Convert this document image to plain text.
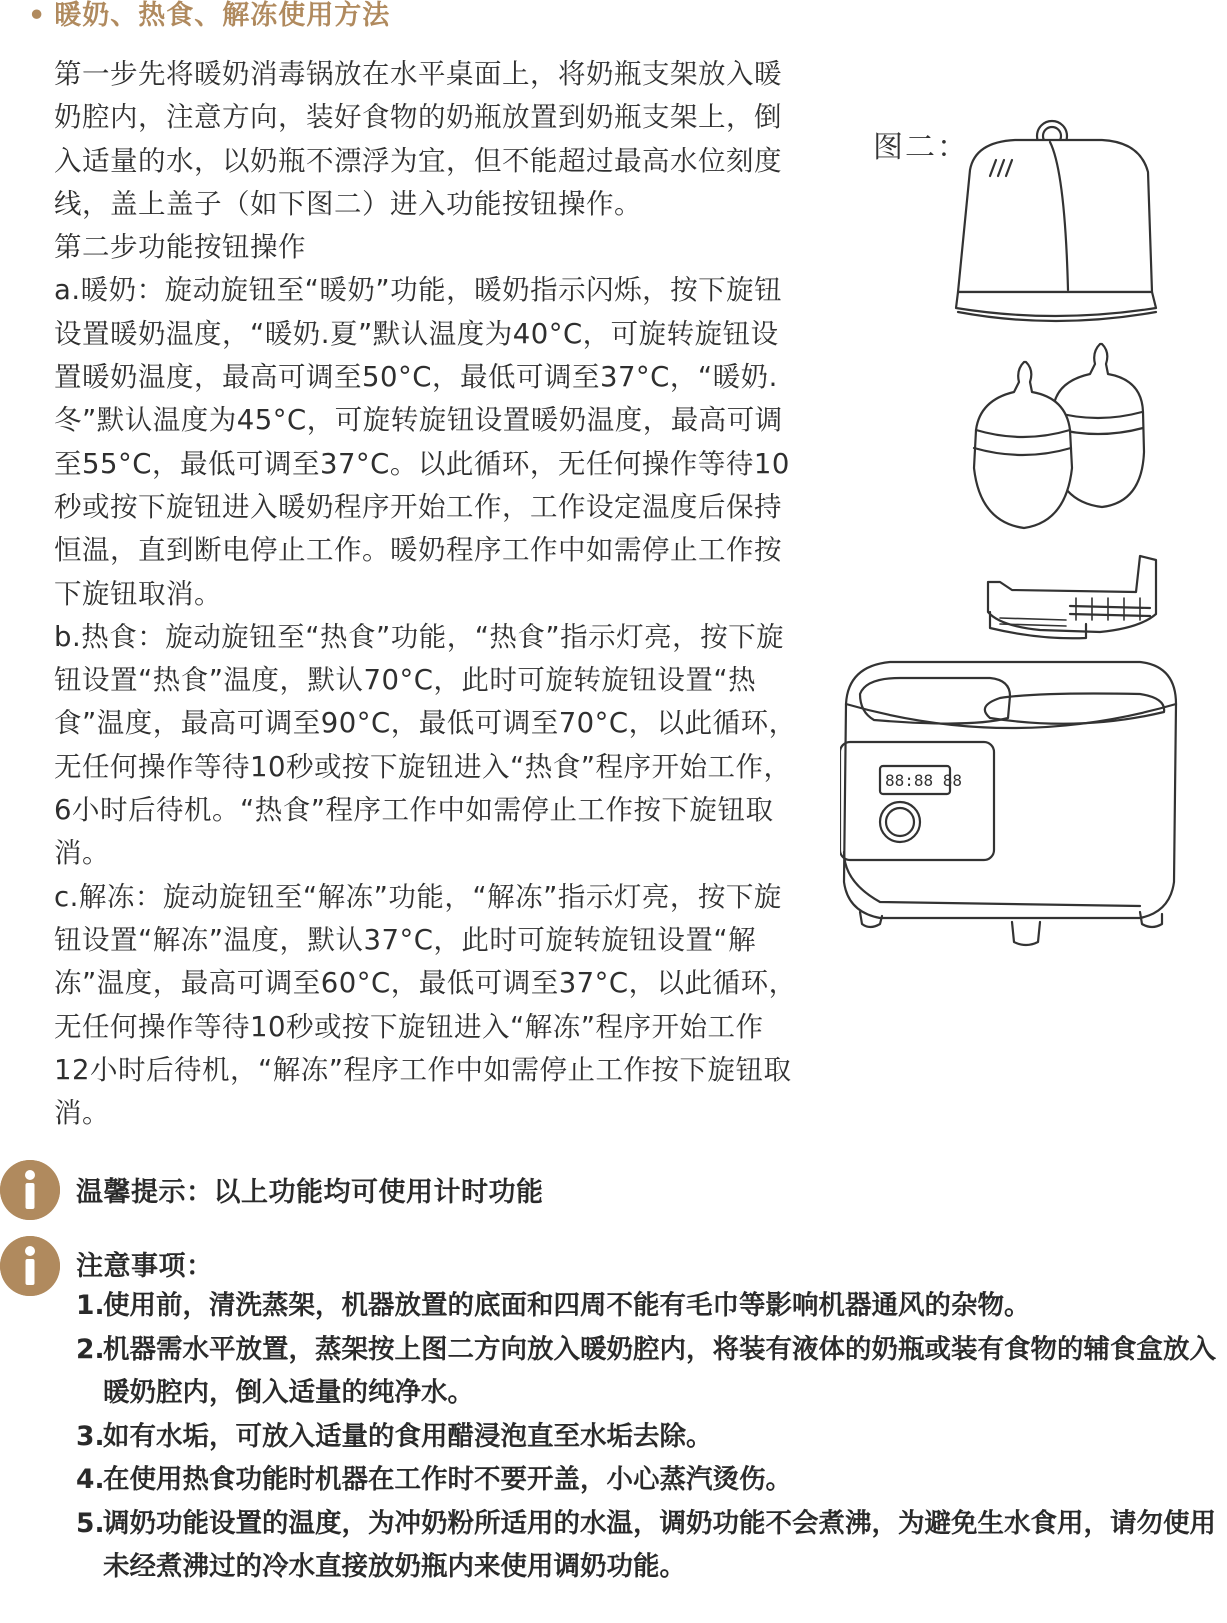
• 暖奶、热食、解冻使用方法

第一步先将暖奶消毒锅放在水平桌面上，将奶瓶支架放入暖奶腔内，注意方向，装好食物的奶瓶放置到奶瓶支架上，倒入适量的水，以奶瓶不漂浮为宜，但不能超过最高水位刻度线，盖上盖子（如下图二）进入功能按钮操作。

第二步功能按钮操作

a.暖奶：旋动旋钮至“暖奶”功能，暖奶指示闪烁，按下旋钮设置暖奶温度，“暖奶.夏”默认温度为40°C，可旋转旋钮设置暖奶温度，最高可调至50°C，最低可调至37°C，“暖奶.冬”默认温度为45°C，可旋转旋钮设置暖奶温度，最高可调至55°C，最低可调至37°C。以此循环，无任何操作等待10秒或按下旋钮进入暖奶程序开始工作，工作设定温度后保持恒温，直到断电停止工作。暖奶程序工作中如需停止工作按下旋钮取消。

b.热食：旋动旋钮至“热食”功能，“热食”指示灯亮，按下旋钮设置“热食”温度，默认70°C，此时可旋转旋钮设置“热食”温度，最高可调至90°C，最低可调至70°C，以此循环，无任何操作等待10秒或按下旋钮进入“热食”程序开始工作，6小时后待机。“热食”程序工作中如需停止工作按下旋钮取消。

c.解冻：旋动旋钮至“解冻”功能，“解冻”指示灯亮，按下旋钮设置“解冻”温度，默认37°C，此时可旋转旋钮设置“解冻”温度，最高可调至60°C，最低可调至37°C，以此循环，无任何操作等待10秒或按下旋钮进入“解冻”程序开始工作12小时后待机，“解冻”程序工作中如需停止工作按下旋钮取消。

图二：
88:88 88
温馨提示：以上功能均可使用计时功能
注意事项：
1.
使用前，清洗蒸架，机器放置的底面和四周不能有毛巾等影响机器通风的杂物。
2.
机器需水平放置，蒸架按上图二方向放入暖奶腔内，将装有液体的奶瓶或装有食物的辅食盒放入暖奶腔内，倒入适量的纯净水。
3.
如有水垢，可放入适量的食用醋浸泡直至水垢去除。
4.
在使用热食功能时机器在工作时不要开盖，小心蒸汽烫伤。
5.
调奶功能设置的温度，为冲奶粉所适用的水温，调奶功能不会煮沸，为避免生水食用，请勿使用未经煮沸过的冷水直接放奶瓶内来使用调奶功能。
